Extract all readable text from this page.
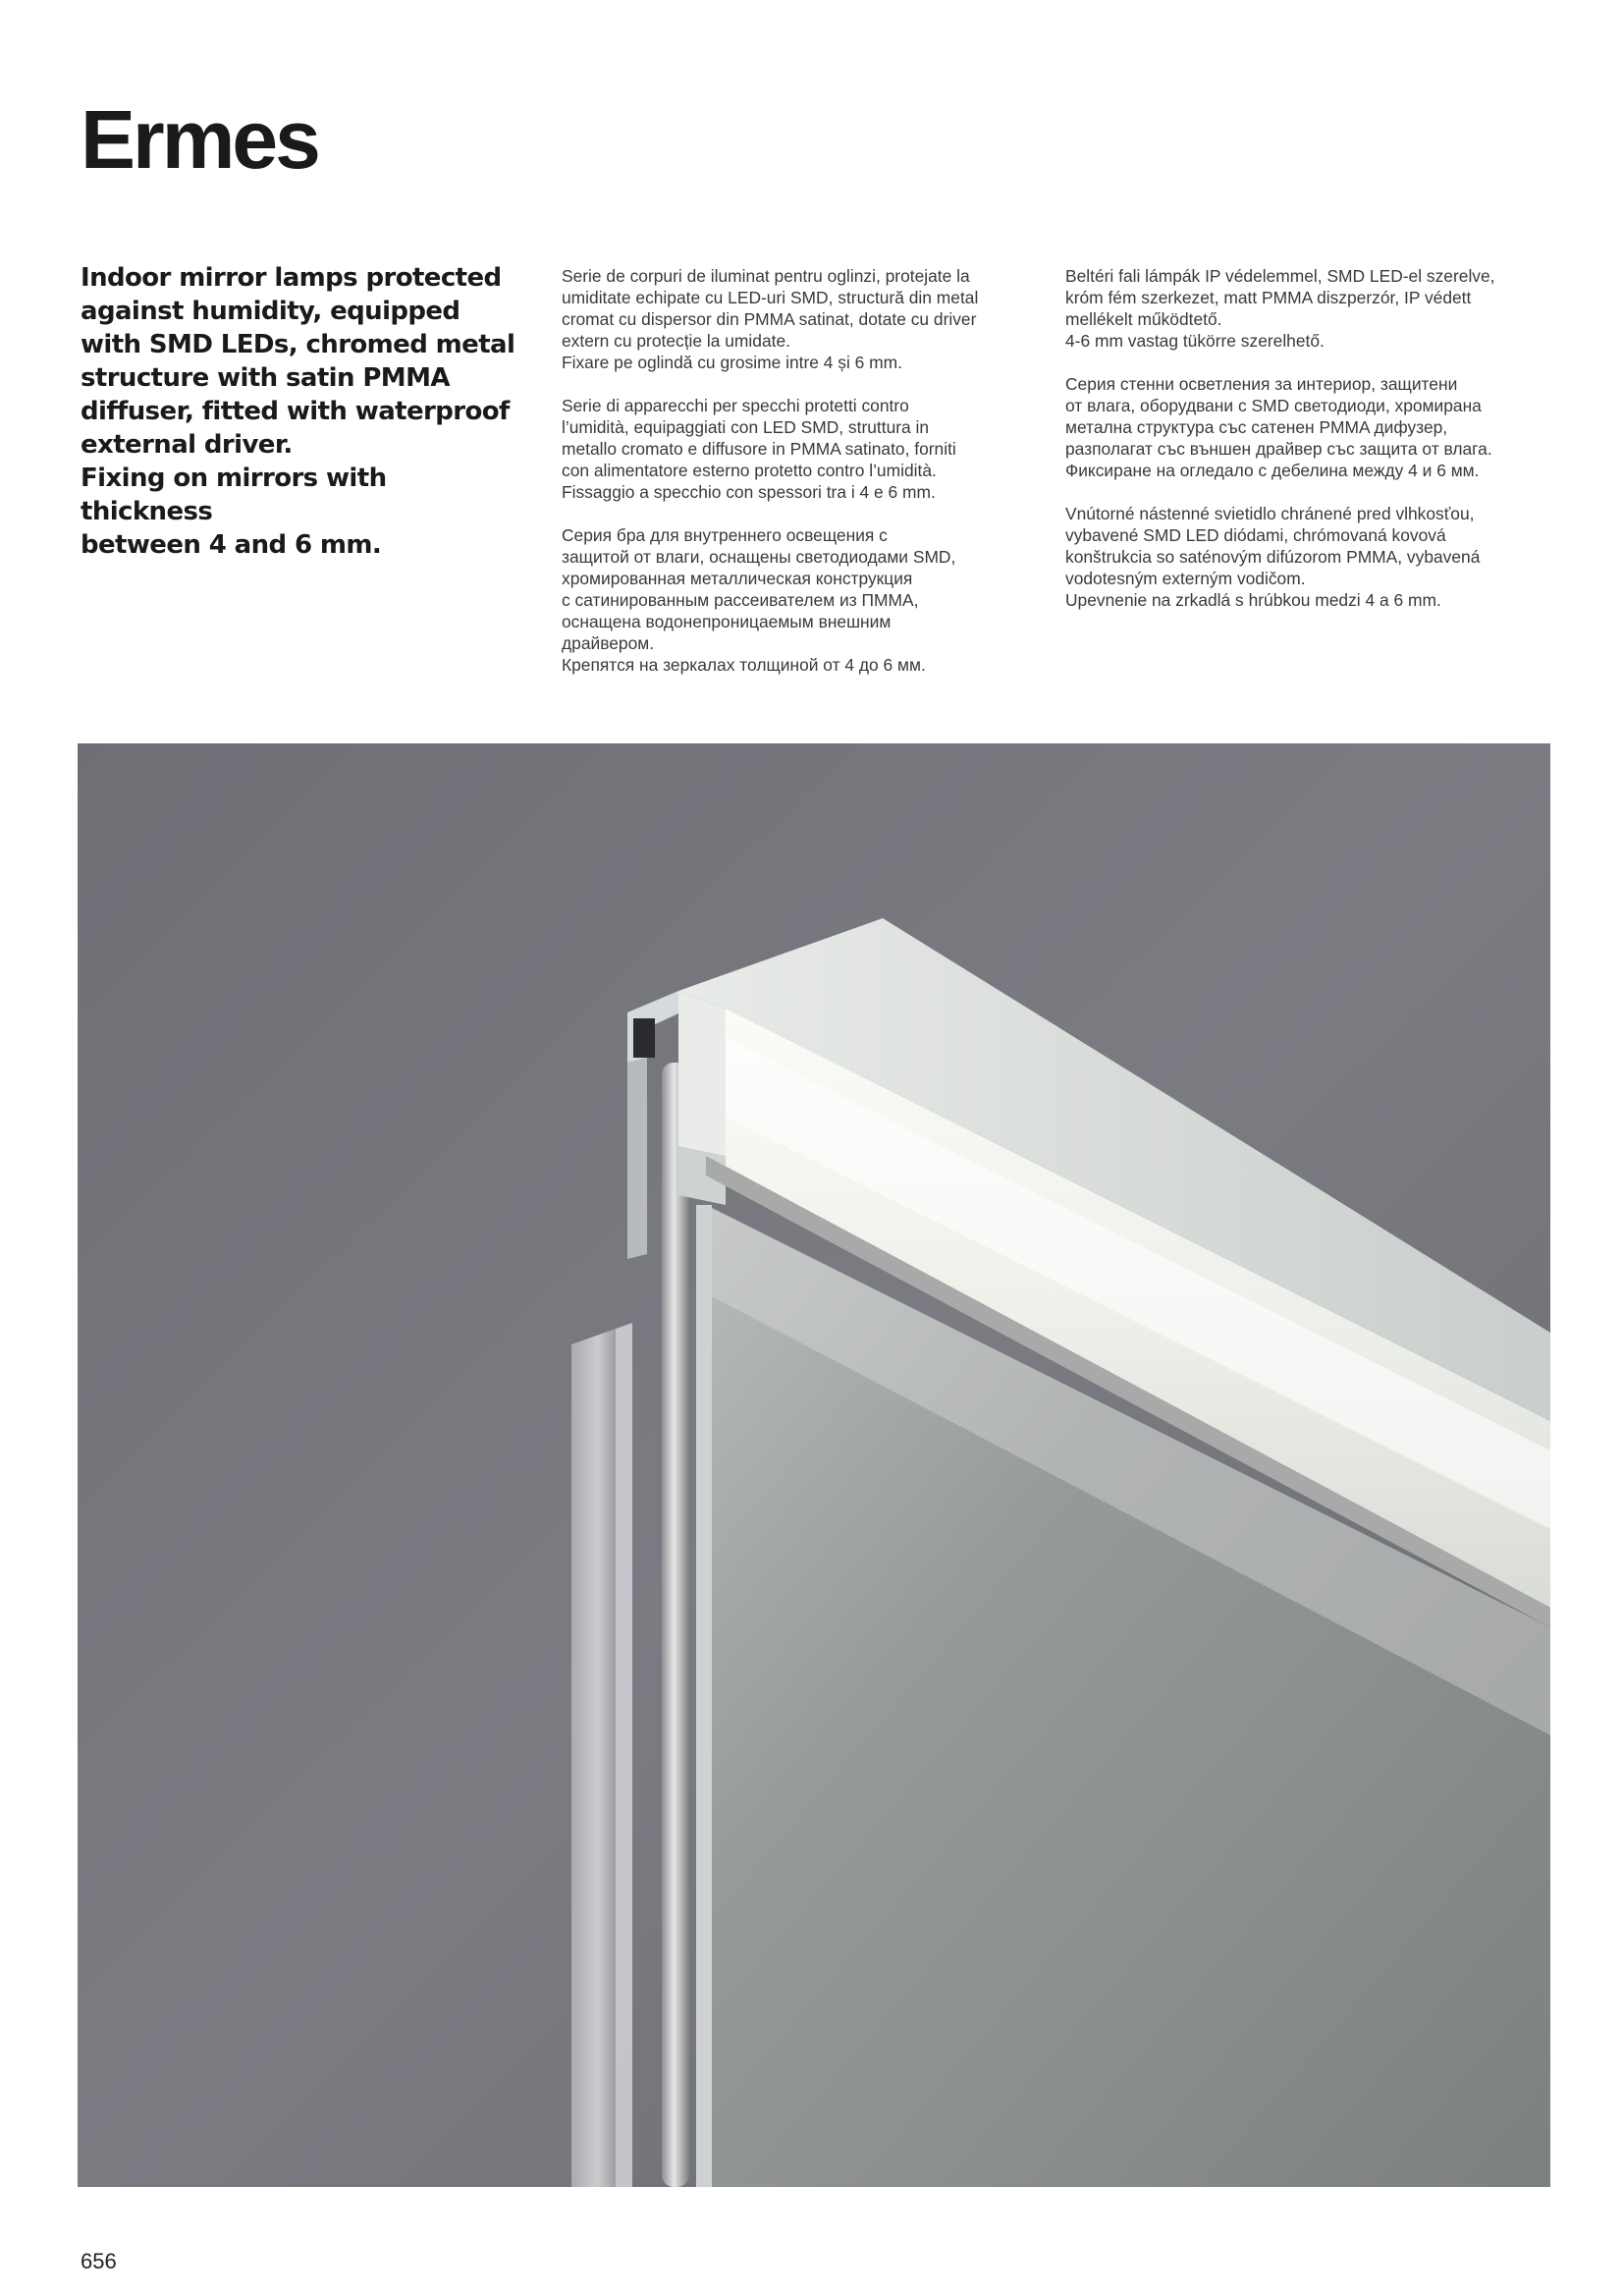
Ermes

Indoor mirror lamps protected
against humidity, equipped
with SMD LEDs, chromed metal
structure with satin PMMA
diffuser, fitted with waterproof
external driver.
Fixing on mirrors with thickness
between 4 and 6 mm.

Serie de corpuri de iluminat pentru oglinzi, protejate la
umiditate echipate cu LED-uri SMD, structură din metal
cromat cu dispersor din PMMA satinat, dotate cu driver
extern cu protecție la umidate.
Fixare pe oglindă cu grosime intre 4 și 6 mm.

Serie di apparecchi per specchi protetti contro
l’umidità, equipaggiati con LED SMD, struttura in
metallo cromato e diffusore in PMMA satinato, forniti
con alimentatore esterno protetto contro l’umidità.
Fissaggio a specchio con spessori tra i 4 e 6 mm.

Серия бра для внутреннего освещения с
защитой от влаги, оснащены светодиодами SMD,
хромированная металлическая конструкция
с сатинированным рассеивателем из ПММА,
оснащена водонепроницаемым внешним
драйвером.
Крепятся на зеркалах толщиной от 4 до 6 мм.

Beltéri fali lámpák IP védelemmel, SMD LED-el szerelve,
króm fém szerkezet, matt PMMA diszperzór, IP védett
mellékelt működtető.
4-6 mm vastag tükörre szerelhető.

Серия стенни осветления за интериор, защитени
от влага, оборудвани с SMD светодиоди, хромирана
метална структура със сатенен PMMA дифузер,
разполагат със външен драйвер със защита от влага.
Фиксиране на огледало с дебелина между 4 и 6 мм.

Vnútorné nástenné svietidlo chránené pred vlhkosťou,
vybavené SMD LED diódami, chrómovaná kovová
konštrukcia so saténovým difúzorom PMMA, vybavená
vodotesným externým vodičom.
Upevnenie na zrkadlá s hrúbkou medzi 4 a 6 mm.

656
